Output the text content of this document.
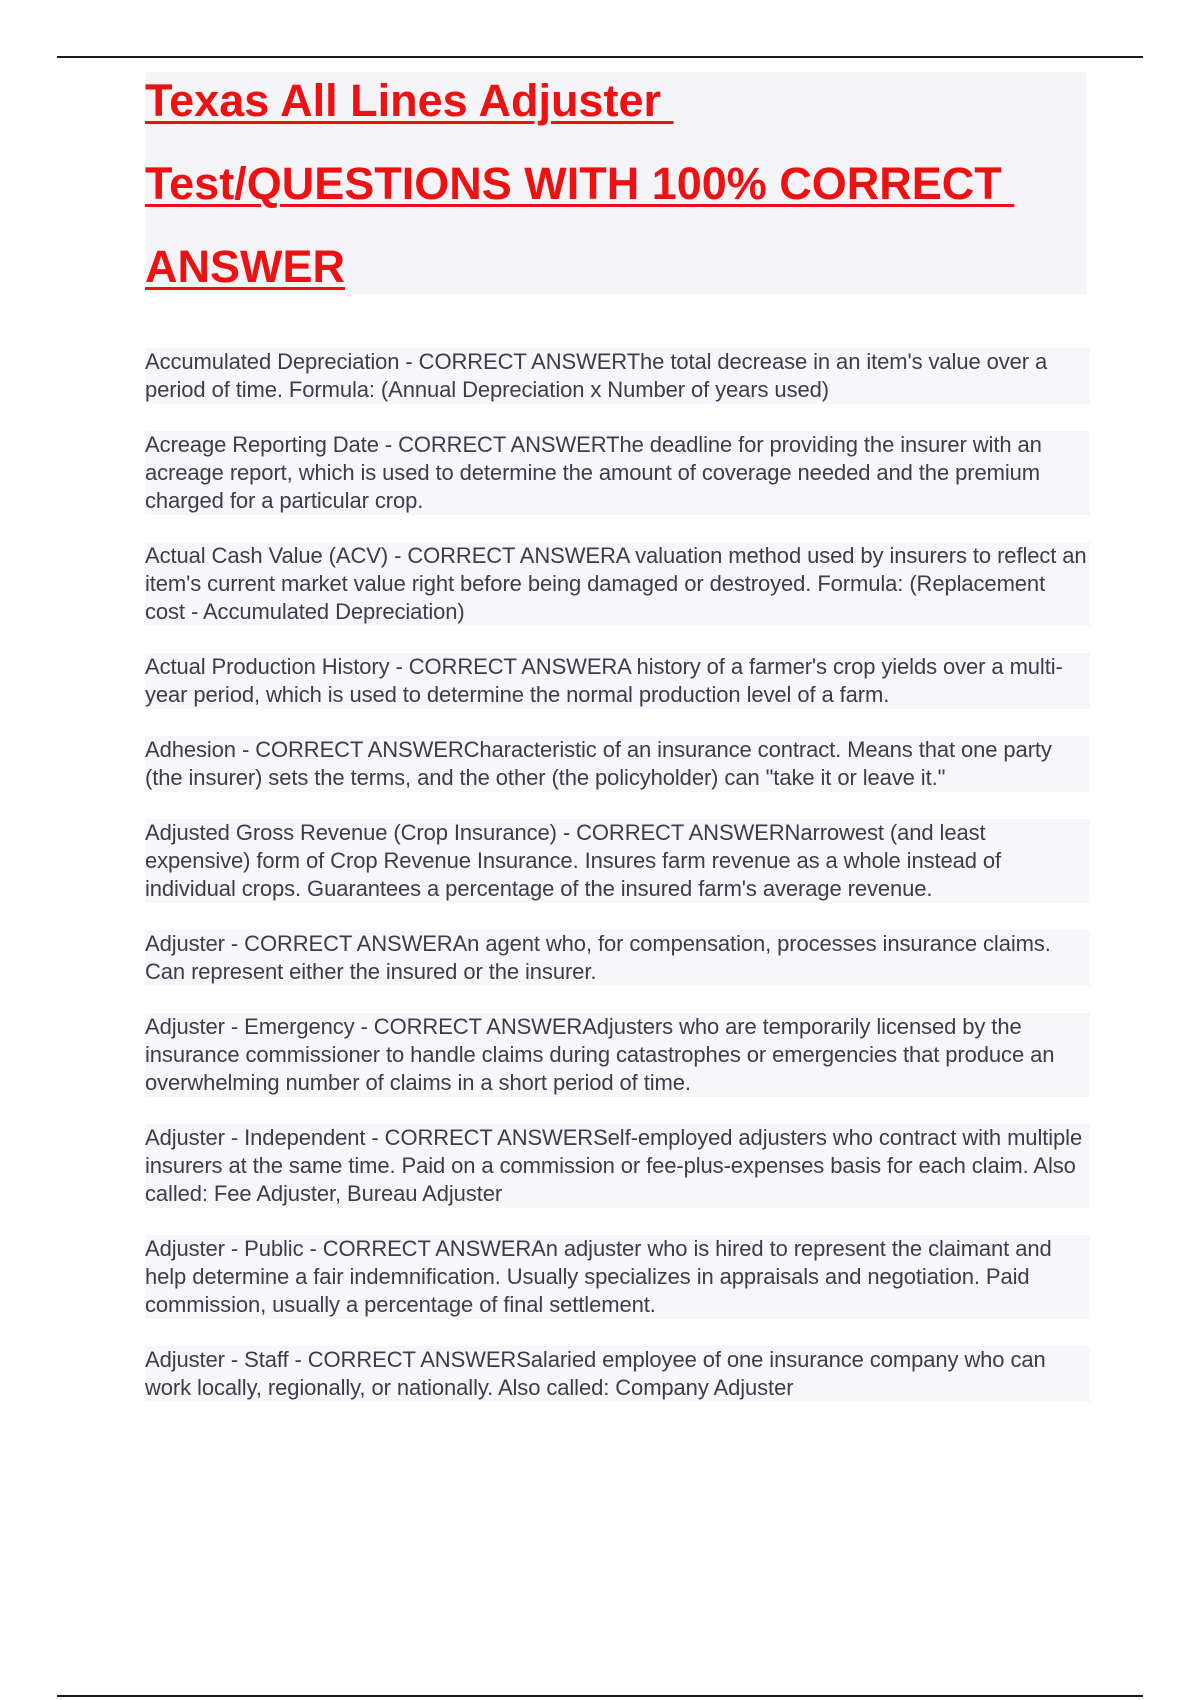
Texas All Lines Adjuster
Test/QUESTIONS WITH 100% CORRECT
ANSWER

Accumulated Depreciation - CORRECT ANSWERThe total decrease in an item's value over a period of time. Formula: (Annual Depreciation x Number of years used)

Acreage Reporting Date - CORRECT ANSWERThe deadline for providing the insurer with an acreage report, which is used to determine the amount of coverage needed and the premium charged for a particular crop.

Actual Cash Value (ACV) - CORRECT ANSWERA valuation method used by insurers to reflect an item's current market value right before being damaged or destroyed. Formula: (Replacement cost - Accumulated Depreciation)

Actual Production History - CORRECT ANSWERA history of a farmer's crop yields over a multi-year period, which is used to determine the normal production level of a farm.

Adhesion - CORRECT ANSWERCharacteristic of an insurance contract. Means that one party (the insurer) sets the terms, and the other (the policyholder) can "take it or leave it."

Adjusted Gross Revenue (Crop Insurance) - CORRECT ANSWERNarrowest (and least expensive) form of Crop Revenue Insurance. Insures farm revenue as a whole instead of individual crops. Guarantees a percentage of the insured farm's average revenue.

Adjuster - CORRECT ANSWERAn agent who, for compensation, processes insurance claims. Can represent either the insured or the insurer.

Adjuster - Emergency - CORRECT ANSWERAdjusters who are temporarily licensed by the insurance commissioner to handle claims during catastrophes or emergencies that produce an overwhelming number of claims in a short period of time.

Adjuster - Independent - CORRECT ANSWERSelf-employed adjusters who contract with multiple insurers at the same time. Paid on a commission or fee-plus-expenses basis for each claim. Also called: Fee Adjuster, Bureau Adjuster

Adjuster - Public - CORRECT ANSWERAn adjuster who is hired to represent the claimant and help determine a fair indemnification. Usually specializes in appraisals and negotiation. Paid commission, usually a percentage of final settlement.

Adjuster - Staff - CORRECT ANSWERSalaried employee of one insurance company who can work locally, regionally, or nationally. Also called: Company Adjuster
